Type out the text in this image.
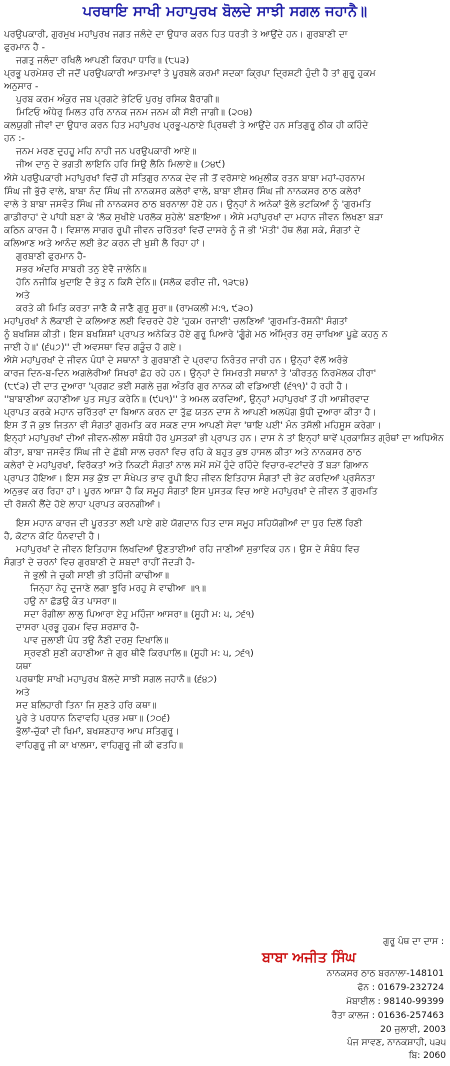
ਪਰਥਾਇ ਸਾਖੀ ਮਹਾਪੁਰਖ ਬੋਲਦੇ ਸਾਝੀ ਸਗਲ ਜਹਾਨੈ॥
ਪਰਉਪਕਾਰੀ, ਗੁਰਮੁਖ ਮਹਾਂਪੁਰਖ ਜਗਤ ਜਲੰਦੇ ਦਾ ਉਧਾਰ ਕਰਨ ਹਿਤ ਧਰਤੀ ਤੇ ਆਉਂਦੇ ਹਨ। ਗੁਰਬਾਣੀ ਦਾ
ਫੁਰਮਾਨ ਹੈ -
ਜਗਤੁ ਜਲੰਦਾ ਰਖਿਲੈ ਆਪਣੀ ਕਿਰਪਾ ਧਾਰਿ॥ (੮੫੩)
ਪ੍ਰਭੂ ਪਰਮੇਸ਼ਰ ਦੀ ਜਦੋਂ ਪਰਉਪਕਾਰੀ ਆਤਮਾਵਾਂ ਤੇ ਪੂਰਬਲੇ ਕਰਮਾਂ ਸਦਕਾ ਕ੍ਰਿਪਾ ਦ੍ਰਿਸ਼ਟੀ ਹੁੰਦੀ ਹੈ ਤਾਂ ਗੁਰੂ ਹੁਕਮ
ਅਨੁਸਾਰ -
ਪੁਰਬ ਕਰਮ ਅੰਕੁਰ ਜਬ ਪ੍ਰਗਟੇ ਭੇਟਿਓ ਪੁਰਖੁ ਰਸਿਕ ਬੈਰਾਗੀ॥
ਮਿਟਿਓ ਅੰਧੇਰੁ ਮਿਲਤ ਹਰਿ ਨਾਨਕ ਜਨਮ ਜਨਮ ਕੀ ਸੋਈ ਜਾਗੀ॥ (੨੦੪)
ਕਲਯੁਗੀ ਜੀਵਾਂ ਦਾ ਉਧਾਰ ਕਰਨ ਹਿਤ ਮਹਾਂਪੁਰਖ ਪ੍ਰਭੂ-ਪਠਾਏ ਪ੍ਰਿਥਵੀ ਤੇ ਆਉਂਦੇ ਹਨ ਸਤਿਗੁਰੂ ਠੀਕ ਹੀ ਕਹਿੰਦੇ
ਹਨ :-
ਜਨਮ ਮਰਣ ਦੁਹਹੂ ਮਹਿ ਨਾਹੀ ਜਨ ਪਰਉਪਕਾਰੀ ਆਏ॥
ਜੀਅ ਦਾਨੁ ਦੇ ਭਗਤੀ ਲਾਇਨਿ ਹਰਿ ਸਿਉ ਲੈਨਿ ਮਿਲਾਏ॥ (੭੪੯)
ਐਸੇ ਪਰਉਪਕਾਰੀ ਮਹਾਂਪੁਰਖਾਂ ਵਿਚੋਂ ਹੀ ਸਤਿਗੁਰ ਨਾਨਕ ਦੇਵ ਜੀ ਤੋਂ ਵਰੋਸਾਏ ਅਮੁਲੀਕ ਰਤਨ ਬਾਬਾ ਮਹਾਂ-ਹਰਨਾਮ
ਸਿੰਘ ਜੀ ਭੁੱਚੋ ਵਾਲੇ, ਬਾਬਾ ਨੰਦ ਸਿੰਘ ਜੀ ਨਾਨਕਸਰ ਕਲੇਰਾਂ ਵਾਲੇ, ਬਾਬਾ ਈਸ਼ਰ ਸਿੰਘ ਜੀ ਨਾਨਕਸਰ ਠਾਠ ਕਲੇਰਾਂ
ਵਾਲੇ ਤੇ ਬਾਬਾ ਜਸਵੰਤ ਸਿੰਘ ਜੀ ਨਾਨਕਸਰ ਠਾਠ ਬਰਨਾਲਾ ਹੋਏ ਹਨ। ਉਨ੍ਹਾਂ ਨੇ ਅਨੇਕਾਂ ਭੁੱਲੇ ਭਟਕਿਆਂ ਨੂੰ 'ਗੁਰਮਤਿ
ਗਾਡੀਰਾਹ' ਦੇ ਪਾਂਧੀ ਬਣਾ ਕੇ 'ਲੋਕ ਸੁਖੀਏ ਪਰਲੋਕ ਸੁਹੇਲੇ' ਬਣਾਇਆ। ਐਸੇ ਮਹਾਂਪੁਰਖਾਂ ਦਾ ਮਹਾਨ ਜੀਵਨ ਲਿਖਣਾ ਬੜਾ
ਕਠਿਨ ਕਾਰਜ ਹੈ। ਵਿਸ਼ਾਲ ਸਾਗਰ ਰੂਪੀ ਜੀਵਨ ਚਰਿੱਤਰਾਂ ਵਿਚੋਂ ਦਾਸਰੇ ਨੂੰ ਜੋ ਭੀ 'ਮੋਤੀ' ਹੱਥ ਲੱਗ ਸਕੇ, ਸੰਗਤਾਂ ਦੇ
ਕਲਿਆਣ ਅਤੇ ਆਨੰਦ ਲਈ ਭੇਟ ਕਰਨ ਦੀ ਖੁਸ਼ੀ ਲੈ ਰਿਹਾ ਹਾਂ।
ਗੁਰਬਾਣੀ ਫੁਰਮਾਨ ਹੈ-
ਸਭਰ ਅੰਦਰਿ ਸਾਬਰੀ ਤਨੁ ਏਵੈ ਜਾਲੇਨਿ॥
ਹੋਨਿ ਨਜੀਕਿ ਖੁਦਾਇ ਦੈ ਭੇਤੁ ਨ ਕਿਸੈ ਦੇਨਿ॥ (ਸਲੋਕ ਫਰੀਦ ਜੀ, ੧੩੮੪)
ਅਤੇ
ਕਰਤੇ ਕੀ ਮਿਤਿ ਕਰਤਾ ਜਾਣੈ ਕੈ ਜਾਣੈ ਗੁਰੁ ਸੂਰਾ॥ (ਰਾਮਕਲੀ ਮ:੧, ੯੩੦)
ਮਹਾਂਪੁਰਖਾਂ ਨੇ ਲੋਕਾਈ ਦੇ ਕਲਿਆਣ ਲਈ ਵਿਚਰਦੇ ਹੋਏ 'ਹੁਕਮ ਰਜਾਈ' ਚਲਣਿਆਂ 'ਗੁਰਮਤਿ-ਰੋਸ਼ਨੀ' ਸੰਗਤਾਂ
ਨੂੰ ਬਖਸ਼ਿਸ਼ ਕੀਤੀ। ਇਸ ਬਖਸ਼ਿਸ਼ਾਂ ਪ੍ਰਾਪਤ ਅਨੇਕਿਤ ਹੋਏ ਗੁਰੂ ਪਿਆਰੇ 'ਗੂੰਗੇ ਮਠ ਅੰਮ੍ਰਿਤ ਰਸੁ ਚਾਖਿਆ ਪੂਛੇ ਕਹਨੁ ਨ
ਜਾਈ ਹੇ॥' (੬੫੭)'' ਦੀ ਅਵਸਥਾ ਵਿਚ ਗੜੂੰਚ ਹੋ ਗਏ।
ਐਸੇ ਮਹਾਂਪੁਰਖਾਂ ਦੇ ਜੀਵਨ ਪੰਧਾਂ ਦੇ ਸਥਾਨਾਂ ਤੇ ਗੁਰਬਾਣੀ ਦੇ ਪ੍ਰਵਾਹ ਨਿਰੰਤਰ ਜਾਰੀ ਹਨ। ਉਨ੍ਹਾਂ ਵੱਲੋਂ ਅਰੰਭੇ
ਕਾਰਜ ਦਿਨ-ਬ-ਦਿਨ ਅਗਲੇਰੀਆਂ ਸਿਖਰਾਂ ਛੋਹ ਰਹੇ ਹਨ। ਉਨ੍ਹਾਂ ਦੇ ਸਿਮਰਤੀ ਸਥਾਨਾਂ ਤੇ 'ਕੀਰਤਨੁ ਨਿਰਮੋਲਕ ਹੀਰਾ'
(੮੯੩) ਦੀ ਦਾਤ ਦੁਆਰਾ 'ਪ੍ਰਗਟ ਭਈ ਸਗਲੇ ਜੁਗ ਅੰਤਰਿ ਗੁਰ ਨਾਨਕ ਕੀ ਵਡਿਆਈ (੬੧੧)' ਹੋ ਰਹੀ ਹੈ।
''ਬਾਬਾਣੀਆ ਕਹਾਣੀਆ ਪੁਤ ਸਪੁਤ ਕਰੇਨਿ॥ (੯੫੧)'' ਤੇ ਅਮਲ ਕਰਦਿਆਂ, ਉਨ੍ਹਾਂ ਮਹਾਂਪੁਰਖਾਂ ਤੋਂ ਹੀ ਆਸ਼ੀਰਵਾਦ
ਪ੍ਰਾਪਤ ਕਰਕੇ ਮਹਾਨ ਚਰਿੱਤਰਾਂ ਦਾ ਬਿਆਨ ਕਰਨ ਦਾ ਤੁੱਛ ਯਤਨ ਦਾਸ ਨੇ ਆਪਣੀ ਅਲਪੱਗ ਬੁੱਧੀ ਦੁਆਰਾ ਕੀਤਾ ਹੈ।
ਇਸ ਤੋਂ ਜੋ ਕੁਝ ਜਿਤਨਾ ਵੀ ਸੰਗਤਾਂ ਗੁਰਮਤਿ ਕਰ ਸਕਣ ਦਾਸ ਆਪਣੀ ਸੇਵਾ 'ਥਾਇ ਪਈ' ਮੰਨ ਤਸੱਲੀ ਮਹਿਸੂਸ ਕਰੇਗਾ।
ਇਨ੍ਹਾਂ ਮਹਾਂਪੁਰਖਾਂ ਦੀਆਂ ਜੀਵਨ-ਲੀਲਾ ਸਬੰਧੀ ਹੋਰ ਪੁਸਤਕਾਂ ਭੀ ਪ੍ਰਾਪਤ ਹਨ। ਦਾਸ ਨੇ ਤਾਂ ਇਨ੍ਹਾਂ ਥਾਵੇਂ ਪ੍ਰਕਾਸ਼ਿਤ ਗ੍ਰੰਥਾਂ ਦਾ ਅਧਿਐਨ
ਕੀਤਾ, ਬਾਬਾ ਜਸਵੰਤ ਸਿੰਘ ਜੀ ਦੇ ਛੱਬੀ ਸਾਲ ਚਰਨਾਂ ਵਿਚ ਰਹਿ ਕੇ ਬਹੁਤ ਕੁਝ ਹਾਸਲ ਕੀਤਾ ਅਤੇ ਨਾਨਕਸਰ ਠਾਠ
ਕਲੇਰਾਂ ਦੇ ਮਹਾਂਪੁਰਖਾਂ, ਵਿਰੱਕਤਾਂ ਅਤੇ ਨਿਕਟੀ ਸੰਗਤਾਂ ਨਾਲ ਸਮੇਂ ਸਮੇਂ ਹੁੰਦੇ ਰਹਿੰਦੇ ਵਿਚਾਰ-ਵਟਾਂਦਰੇ ਤੋਂ ਬੜਾ ਗਿਆਨ
ਪ੍ਰਾਪਤ ਹੋਇਆ। ਇਸ ਸਭ ਕੁੱਝ ਦਾ ਸੰਖੇਪਤ ਭਾਵ ਰੂਪੀ ਇਹ ਜੀਵਨ ਇਤਿਹਾਸ ਸੰਗਤਾਂ ਦੀ ਭੇਟ ਕਰਦਿਆਂ ਪ੍ਰਸੰਨਤਾ
ਅਨੁਭਵ ਕਰ ਰਿਹਾ ਹਾਂ। ਪੂਰਨ ਆਸ਼ਾ ਹੈ ਕਿ ਸਮੂਹ ਸੰਗਤਾਂ ਇਸ ਪੁਸਤਕ ਵਿਚ ਆਏ ਮਹਾਂਪੁਰਖਾਂ ਦੇ ਜੀਵਨ ਤੋਂ ਗੁਰਮਤਿ
ਦੀ ਰੋਸ਼ਨੀ ਲੈਂਦੇ ਹੋਏ ਲਾਹਾ ਪ੍ਰਾਪਤ ਕਰਨਗੀਆਂ।
ਇਸ ਮਹਾਨ ਕਾਰਜ ਦੀ ਪੂਰਤਤਾ ਲਈ ਪਾਏ ਗਏ ਯੋਗਦਾਨ ਹਿਤ ਦਾਸ ਸਮੂਹ ਸਹਿਯੋਗੀਆਂ ਦਾ ਧੁਰ ਦਿਲੋਂ ਰਿਣੀ
ਹੈ, ਕੋਟਾਨ ਕੋਟਿ ਧੰਨਵਾਦੀ ਹੈ।
ਮਹਾਂਪੁਰਖਾਂ ਦੇ ਜੀਵਨ ਇਤਿਹਾਸ ਲਿਖਦਿਆਂ ਉਣਤਾਈਆਂ ਰਹਿ ਜਾਣੀਆਂ ਸੁਭਾਵਿਕ ਹਨ। ਉਸ ਦੇ ਸੰਬੰਧ ਵਿਚ
ਸੰਗਤਾਂ ਦੇ ਚਰਨਾਂ ਵਿਚ ਗੁਰਬਾਣੀ ਦੇ ਸ਼ਬਦਾਂ ਰਾਹੀਂ ਜੋਦੜੀ ਹੈ-
ਜੇ ਭੁਲੀ ਜੇ ਚੁਕੀ ਸਾਈ ਭੀ ਤਹਿੰਜੀ ਕਾਢੀਆ॥
ਜਿਨ੍ਹਾ ਨੇਹੁ ਦੁਜਾਣੇ ਲਗਾ ਝੂਰਿ ਮਰਹੁ ਸੇ ਵਾਢੀਆ ॥੧॥
ਹਉ ਨਾ ਛੋਡਉ ਕੰਤ ਪਾਸਰਾ॥
ਸਦਾ ਰੰਗੀਲਾ ਲਾਲੁ ਪਿਆਰਾ ਏਹੁ ਮਹਿੰਜਾ ਆਸਰਾ॥ (ਸੂਹੀ ਮ: ੫, ੭੬੧)
ਦਾਸਰਾ ਪ੍ਰਭੂ ਹੁਕਮ ਵਿਚ ਸ਼ਰਸ਼ਾਰ ਹੈ-
ਪਾਵ ਜੁਲਾਈ ਪੰਧ ਤਉ ਨੈਣੀ ਦਰਸੁ ਦਿਖਾਲਿ॥
ਸ੍ਰਵਣੀ ਸੁਣੀ ਕਹਾਣੀਆ ਜੇ ਗੁਰ ਥੀਵੈ ਕਿਰਪਾਲਿ॥ (ਸੂਹੀ ਮ: ੫, ੭੬੧)
ਯਥਾ
ਪਰਥਾਇ ਸਾਖੀ ਮਹਾਪੁਰਖ ਬੋਲਦੇ ਸਾਝੀ ਸਗਲ ਜਹਾਨੈ॥ (੬੪੭)
ਅਤੇ
ਸਦ ਬਲਿਹਾਰੀ ਤਿਨਾ ਜਿ ਸੁਣਤੇ ਹਰਿ ਕਥਾ॥
ਪੂਰੇ ਤੇ ਪਰਧਾਨ ਨਿਵਾਵਹਿ ਪ੍ਰਭ ਮਥਾ॥ (੭੦੬)
ਭੁੱਲਾਂ-ਚੁੱਕਾਂ ਦੀ ਖਿਮਾਂ, ਬਖਸ਼ਣਹਾਰ ਆਪ ਸਤਿਗੁਰੂ।
ਵਾਹਿਗੁਰੂ ਜੀ ਕਾ ਖਾਲਸਾ, ਵਾਹਿਗੁਰੂ ਜੀ ਕੀ ਫਤਹਿ॥
ਗੁਰੂ ਪੰਥ ਦਾ ਦਾਸ :
ਬਾਬਾ ਅਜੀਤ ਸਿੰਘ
ਨਾਨਕਸਰ ਠਾਠ ਬਰਨਾਲਾ-148101
ਫੋਨ : 01679-232724
ਮੋਬਾਈਲ : 98140-99399
ਰੈਤਾ ਕਾਲਜ : 01636-257463
20 ਜੁਲਾਈ, 2003
ਪੰਜ ਸਾਵਣ, ਨਾਨਕਸ਼ਾਹੀ, ੫੩੫
ਬਿ: 2060
